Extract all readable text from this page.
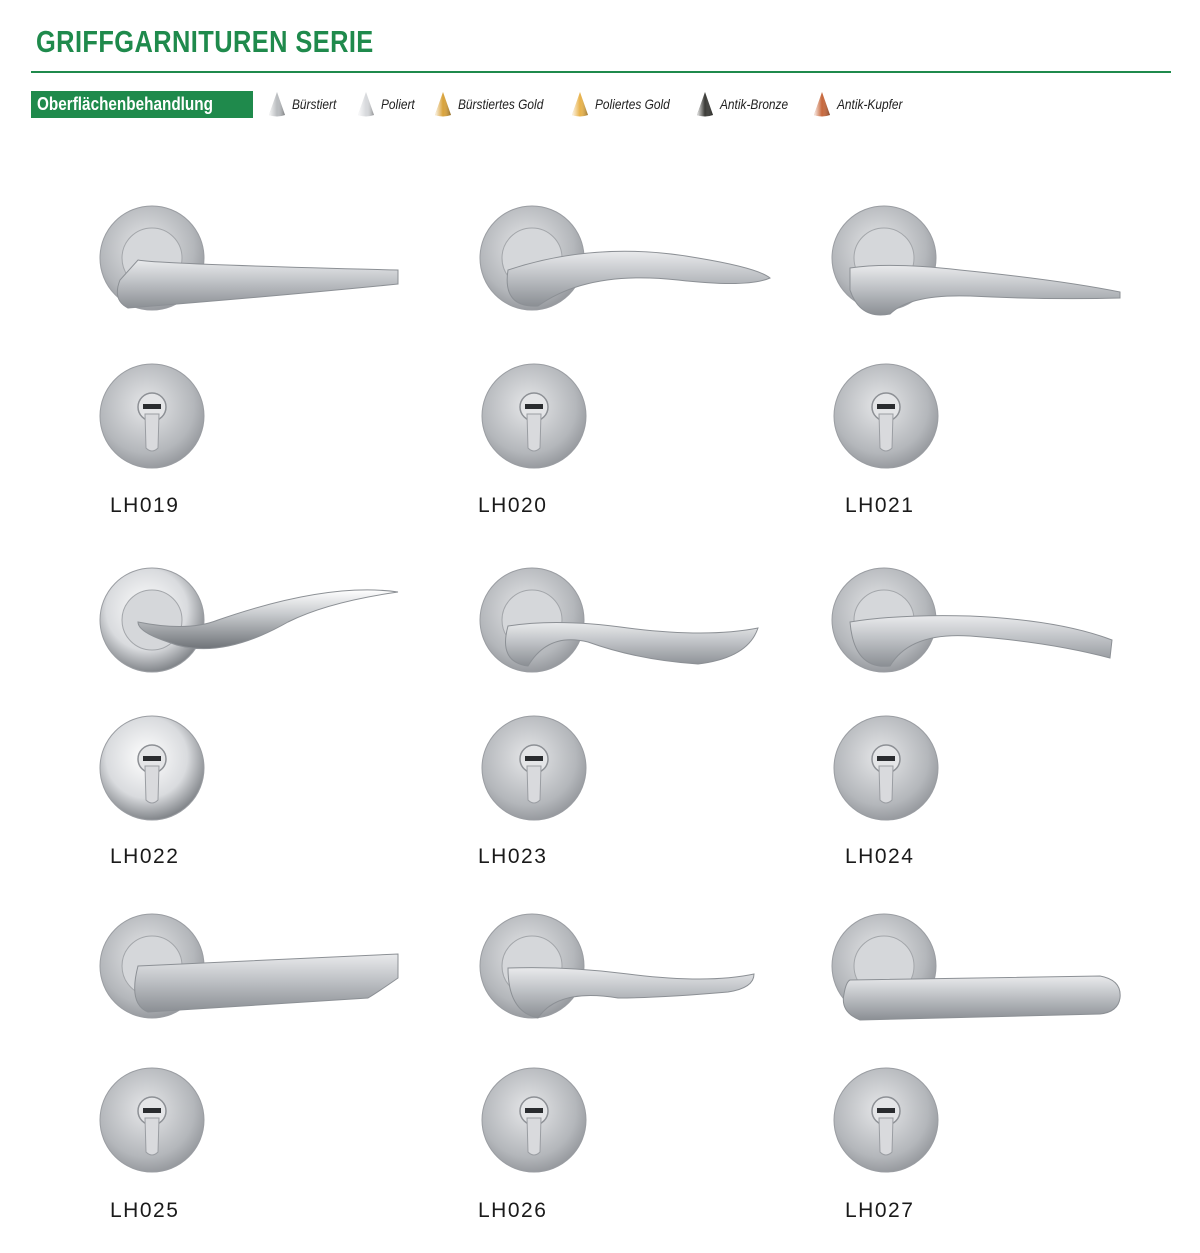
GRIFFGARNITUREN SERIE
Oberflächenbehandlung	Bürstiert	Poliert	Bürstiertes Gold	Poliertes Gold	Antik-Bronze	Antik-Kupfer
LH019	LH020	LH021
LH022	LH023	LH024
LH025	LH026	LH027
